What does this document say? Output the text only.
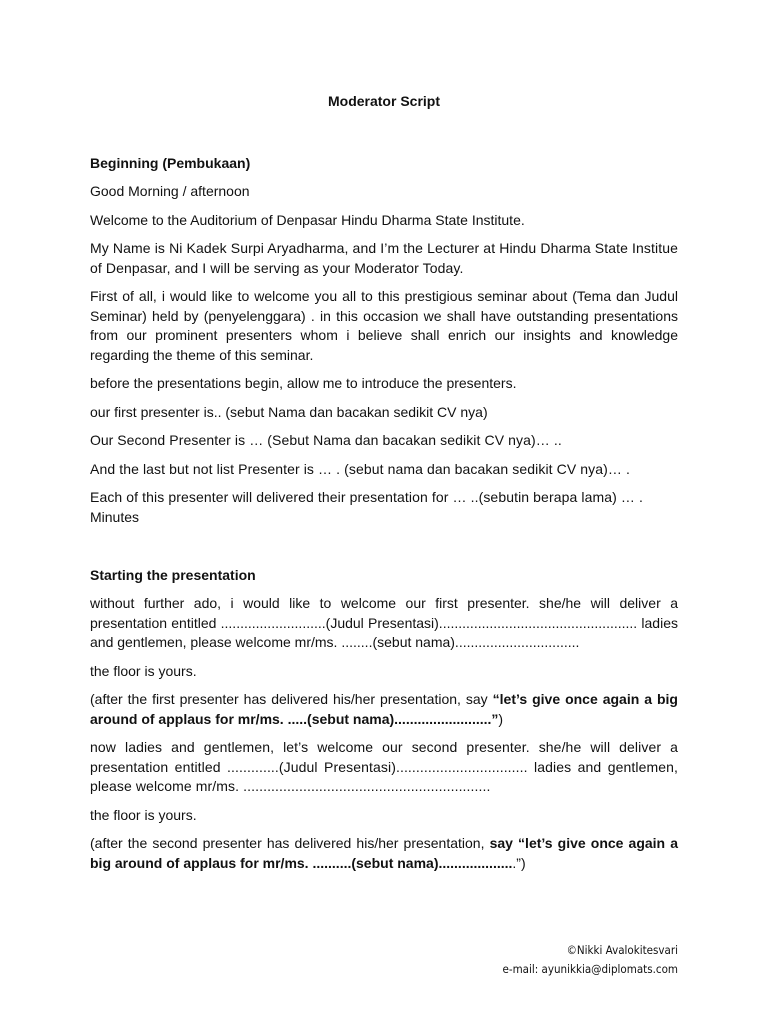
Moderator Script
Beginning (Pembukaan)

Good Morning / afternoon

Welcome to the Auditorium of Denpasar Hindu Dharma State Institute.

My Name is Ni Kadek Surpi Aryadharma, and I’m the Lecturer at Hindu Dharma State Institue of Denpasar, and I will be serving as your Moderator Today.

First of all, i would like to welcome you all to this prestigious seminar about (Tema dan Judul Seminar) held by (penyelenggara) . in this occasion we shall have outstanding presentations from our prominent presenters whom i believe shall enrich our insights and knowledge regarding the theme of this seminar.

before the presentations begin, allow me to introduce the presenters.

our first presenter is.. (sebut Nama dan bacakan sedikit CV nya)

Our Second Presenter is … (Sebut Nama dan bacakan sedikit CV nya)… ..

And the last but not list Presenter is … . (sebut nama dan bacakan sedikit CV nya)… .

Each of this presenter will delivered their presentation for … ..(sebutin berapa lama) … .
Minutes

Starting the presentation

without further ado, i would like to welcome our first presenter. she/he will deliver a presentation entitled ...........................(Judul Presentasi)................................................... ladies and gentlemen, please welcome mr/ms. ........(sebut nama)................................

the floor is yours.

(after the first presenter has delivered his/her presentation, say “let’s give once again a big around of applaus for mr/ms. .....(sebut nama).........................”)

now ladies and gentlemen, let’s welcome our second presenter. she/he will deliver a presentation entitled .............(Judul Presentasi)................................. ladies and gentlemen, please welcome mr/ms. ..............................................................

the floor is yours.

(after the second presenter has delivered his/her presentation, say “let’s give once again a big around of applaus for mr/ms. ..........(sebut nama)....................”)

©Nikki Avalokitesvari
e-mail: ayunikkia@diplomats.com
